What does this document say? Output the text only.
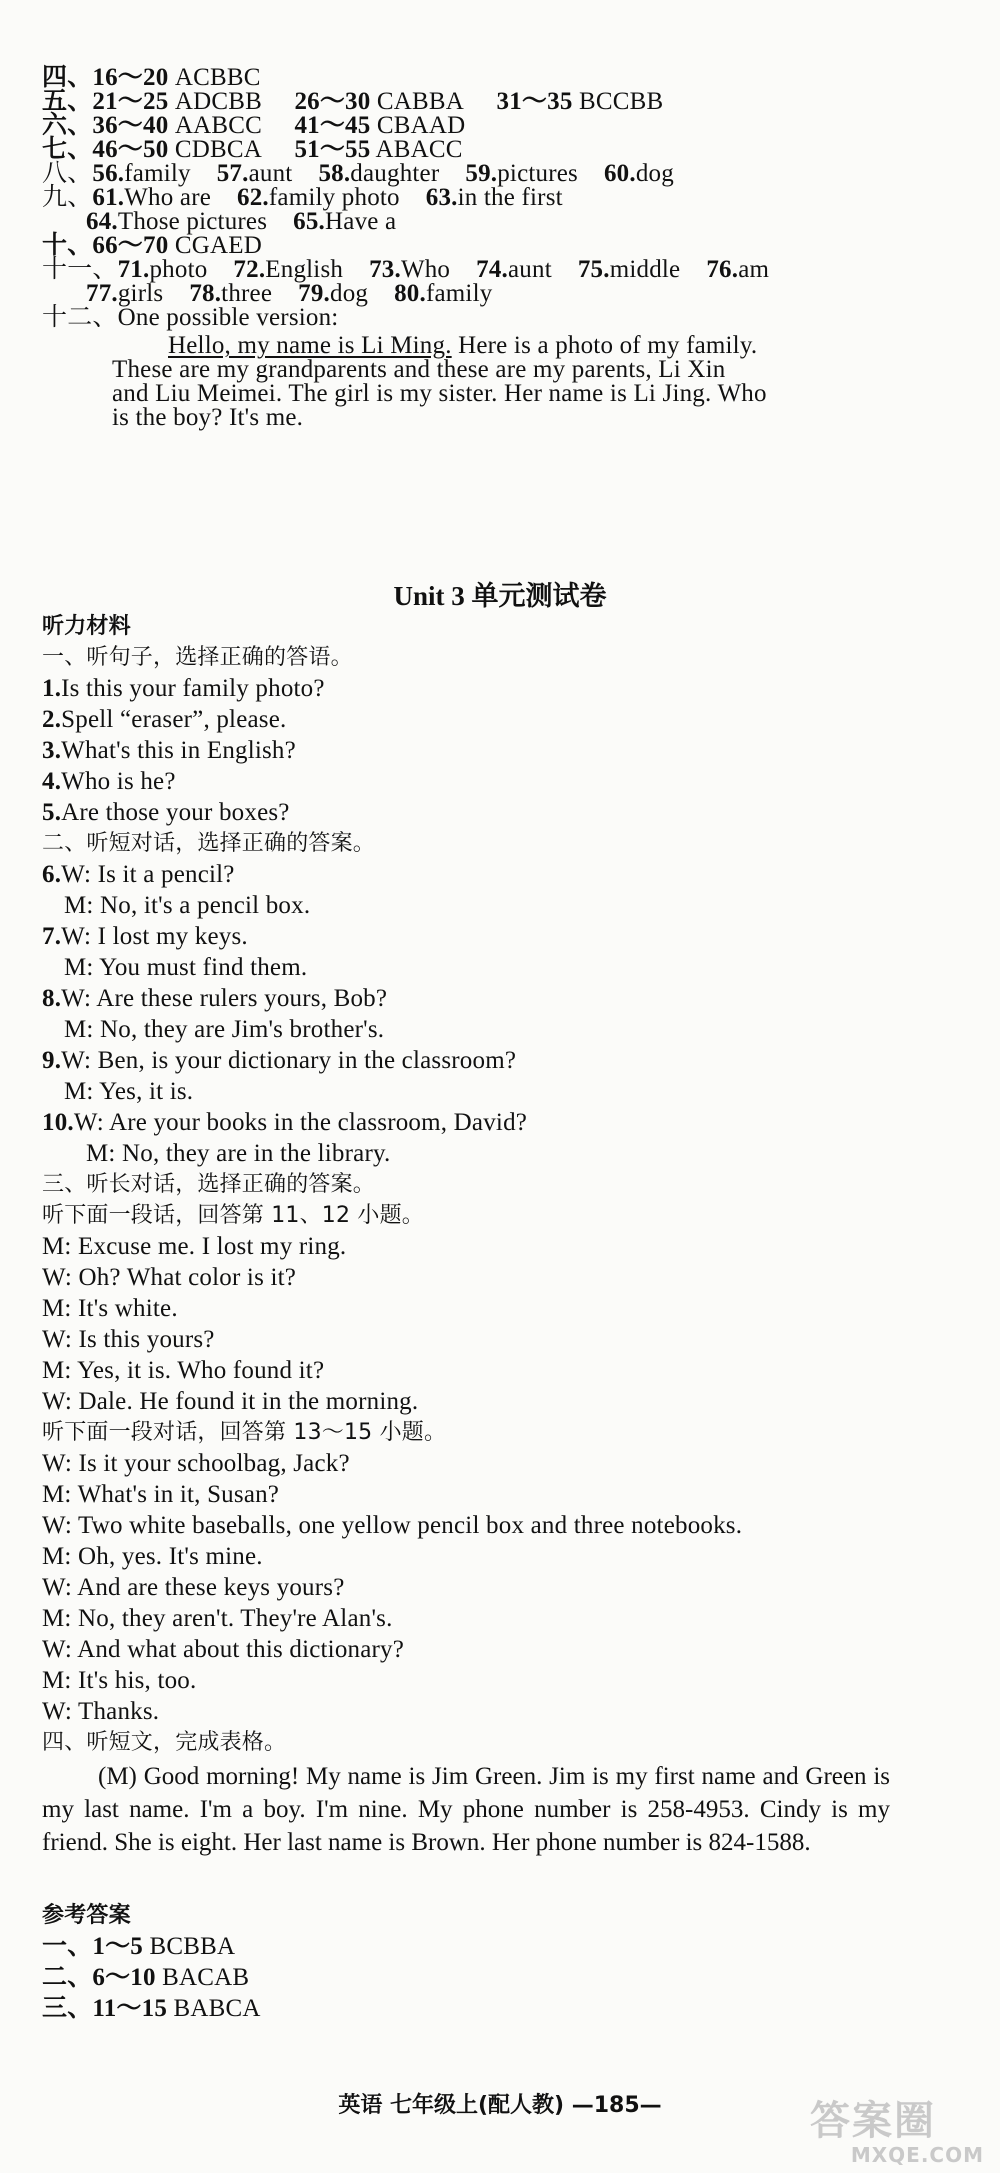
四、16～20 ACBBC
五、21～25 ADCBB 26～30 CABBA 31～35 BCCBB
六、36～40 AABCC 41～45 CBAAD
七、46～50 CDBCA 51～55 ABACC
八、56.family 57.aunt 58.daughter 59.pictures 60.dog
九、61.Who are 62.family photo 63.in the first
64.Those pictures 65.Have a
十、66～70 CGAED
十一、71.photo 72.English 73.Who 74.aunt 75.middle 76.am
77.girls 78.three 79.dog 80.family
十二、One possible version:
Hello, my name is Li Ming. Here is a photo of my family.
These are my grandparents and these are my parents, Li Xin
and Liu Meimei. The girl is my sister. Her name is Li Jing. Who
is the boy? It's me.
Unit 3 单元测试卷
听力材料
一、听句子，选择正确的答语。
1.Is this your family photo?
2.Spell “eraser”, please.
3.What's this in English?
4.Who is he?
5.Are those your boxes?
二、听短对话，选择正确的答案。
6.W: Is it a pencil?
M: No, it's a pencil box.
7.W: I lost my keys.
M: You must find them.
8.W: Are these rulers yours, Bob?
M: No, they are Jim's brother's.
9.W: Ben, is your dictionary in the classroom?
M: Yes, it is.
10.W: Are your books in the classroom, David?
M: No, they are in the library.
三、听长对话，选择正确的答案。
听下面一段话，回答第 11、12 小题。
M: Excuse me. I lost my ring.
W: Oh? What color is it?
M: It's white.
W: Is this yours?
M: Yes, it is. Who found it?
W: Dale. He found it in the morning.
听下面一段对话，回答第 13～15 小题。
W: Is it your schoolbag, Jack?
M: What's in it, Susan?
W: Two white baseballs, one yellow pencil box and three notebooks.
M: Oh, yes. It's mine.
W: And are these keys yours?
M: No, they aren't. They're Alan's.
W: And what about this dictionary?
M: It's his, too.
W: Thanks.
四、听短文，完成表格。
(M) Good morning! My name is Jim Green. Jim is my first name and Green is my last name. I'm a boy. I'm nine. My phone number is 258-4953. Cindy is my friend. She is eight. Her last name is Brown. Her phone number is 824-1588.
参考答案
一、1～5 BCBBA
二、6～10 BACAB
三、11～15 BABCA
英语 七年级上(配人教) —185—	答案圈
MXQE.COM
